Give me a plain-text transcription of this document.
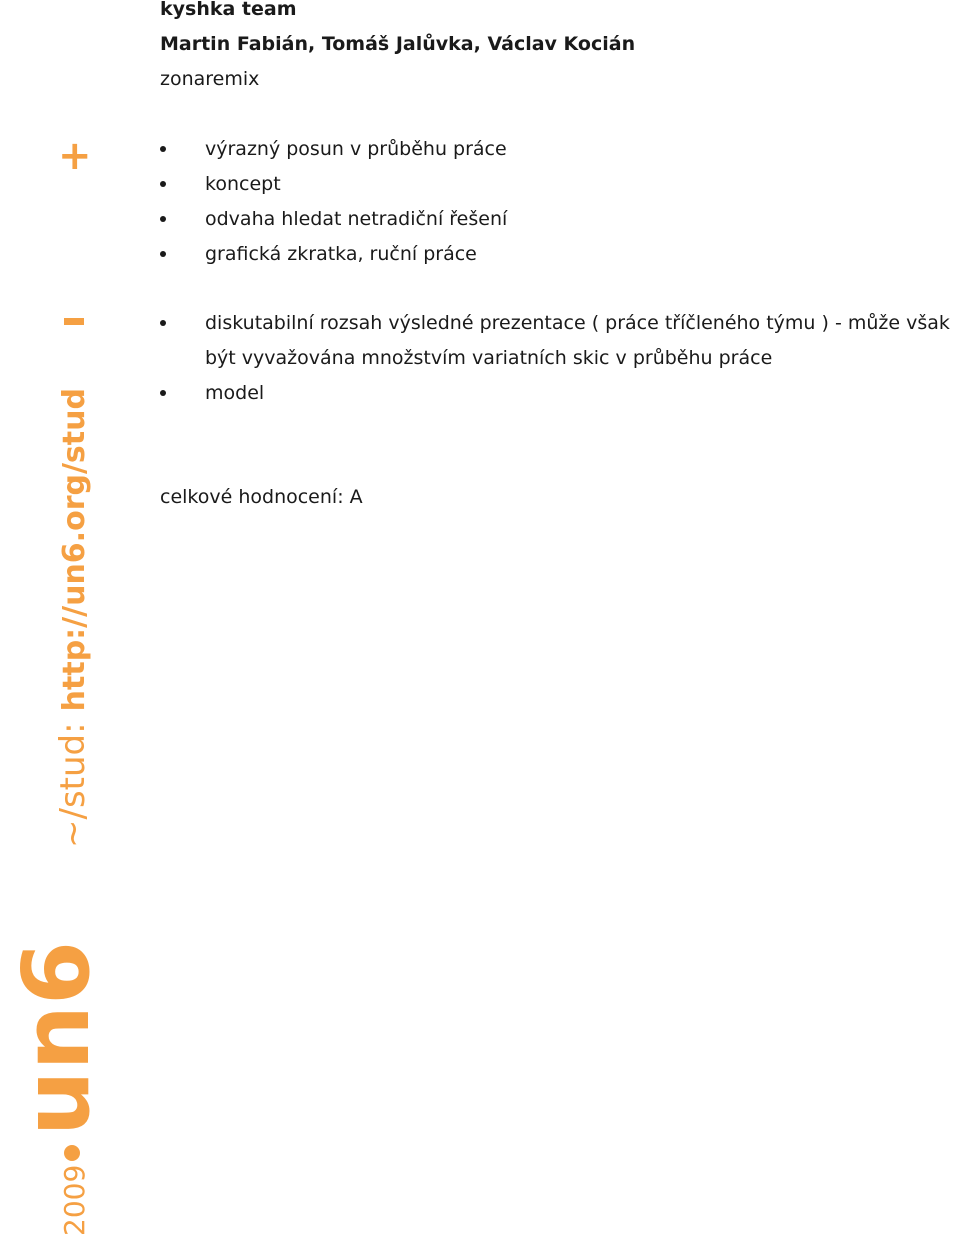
kyshka team
Martin Fabián, Tomáš Jalůvka, Václav Kocián
zonaremix
+	výrazný posun v průběhu práce
koncept
odvaha hledat netradiční řešení
grafická zkratka, ruční práce
diskutabilní rozsah výsledné prezentace ( práce tříčleného týmu ) - může však být vyvažována množstvím variatních skic v průběhu práce
model
celkové hodnocení: A
~/stud: http://un6.org/stud
2009
un6
